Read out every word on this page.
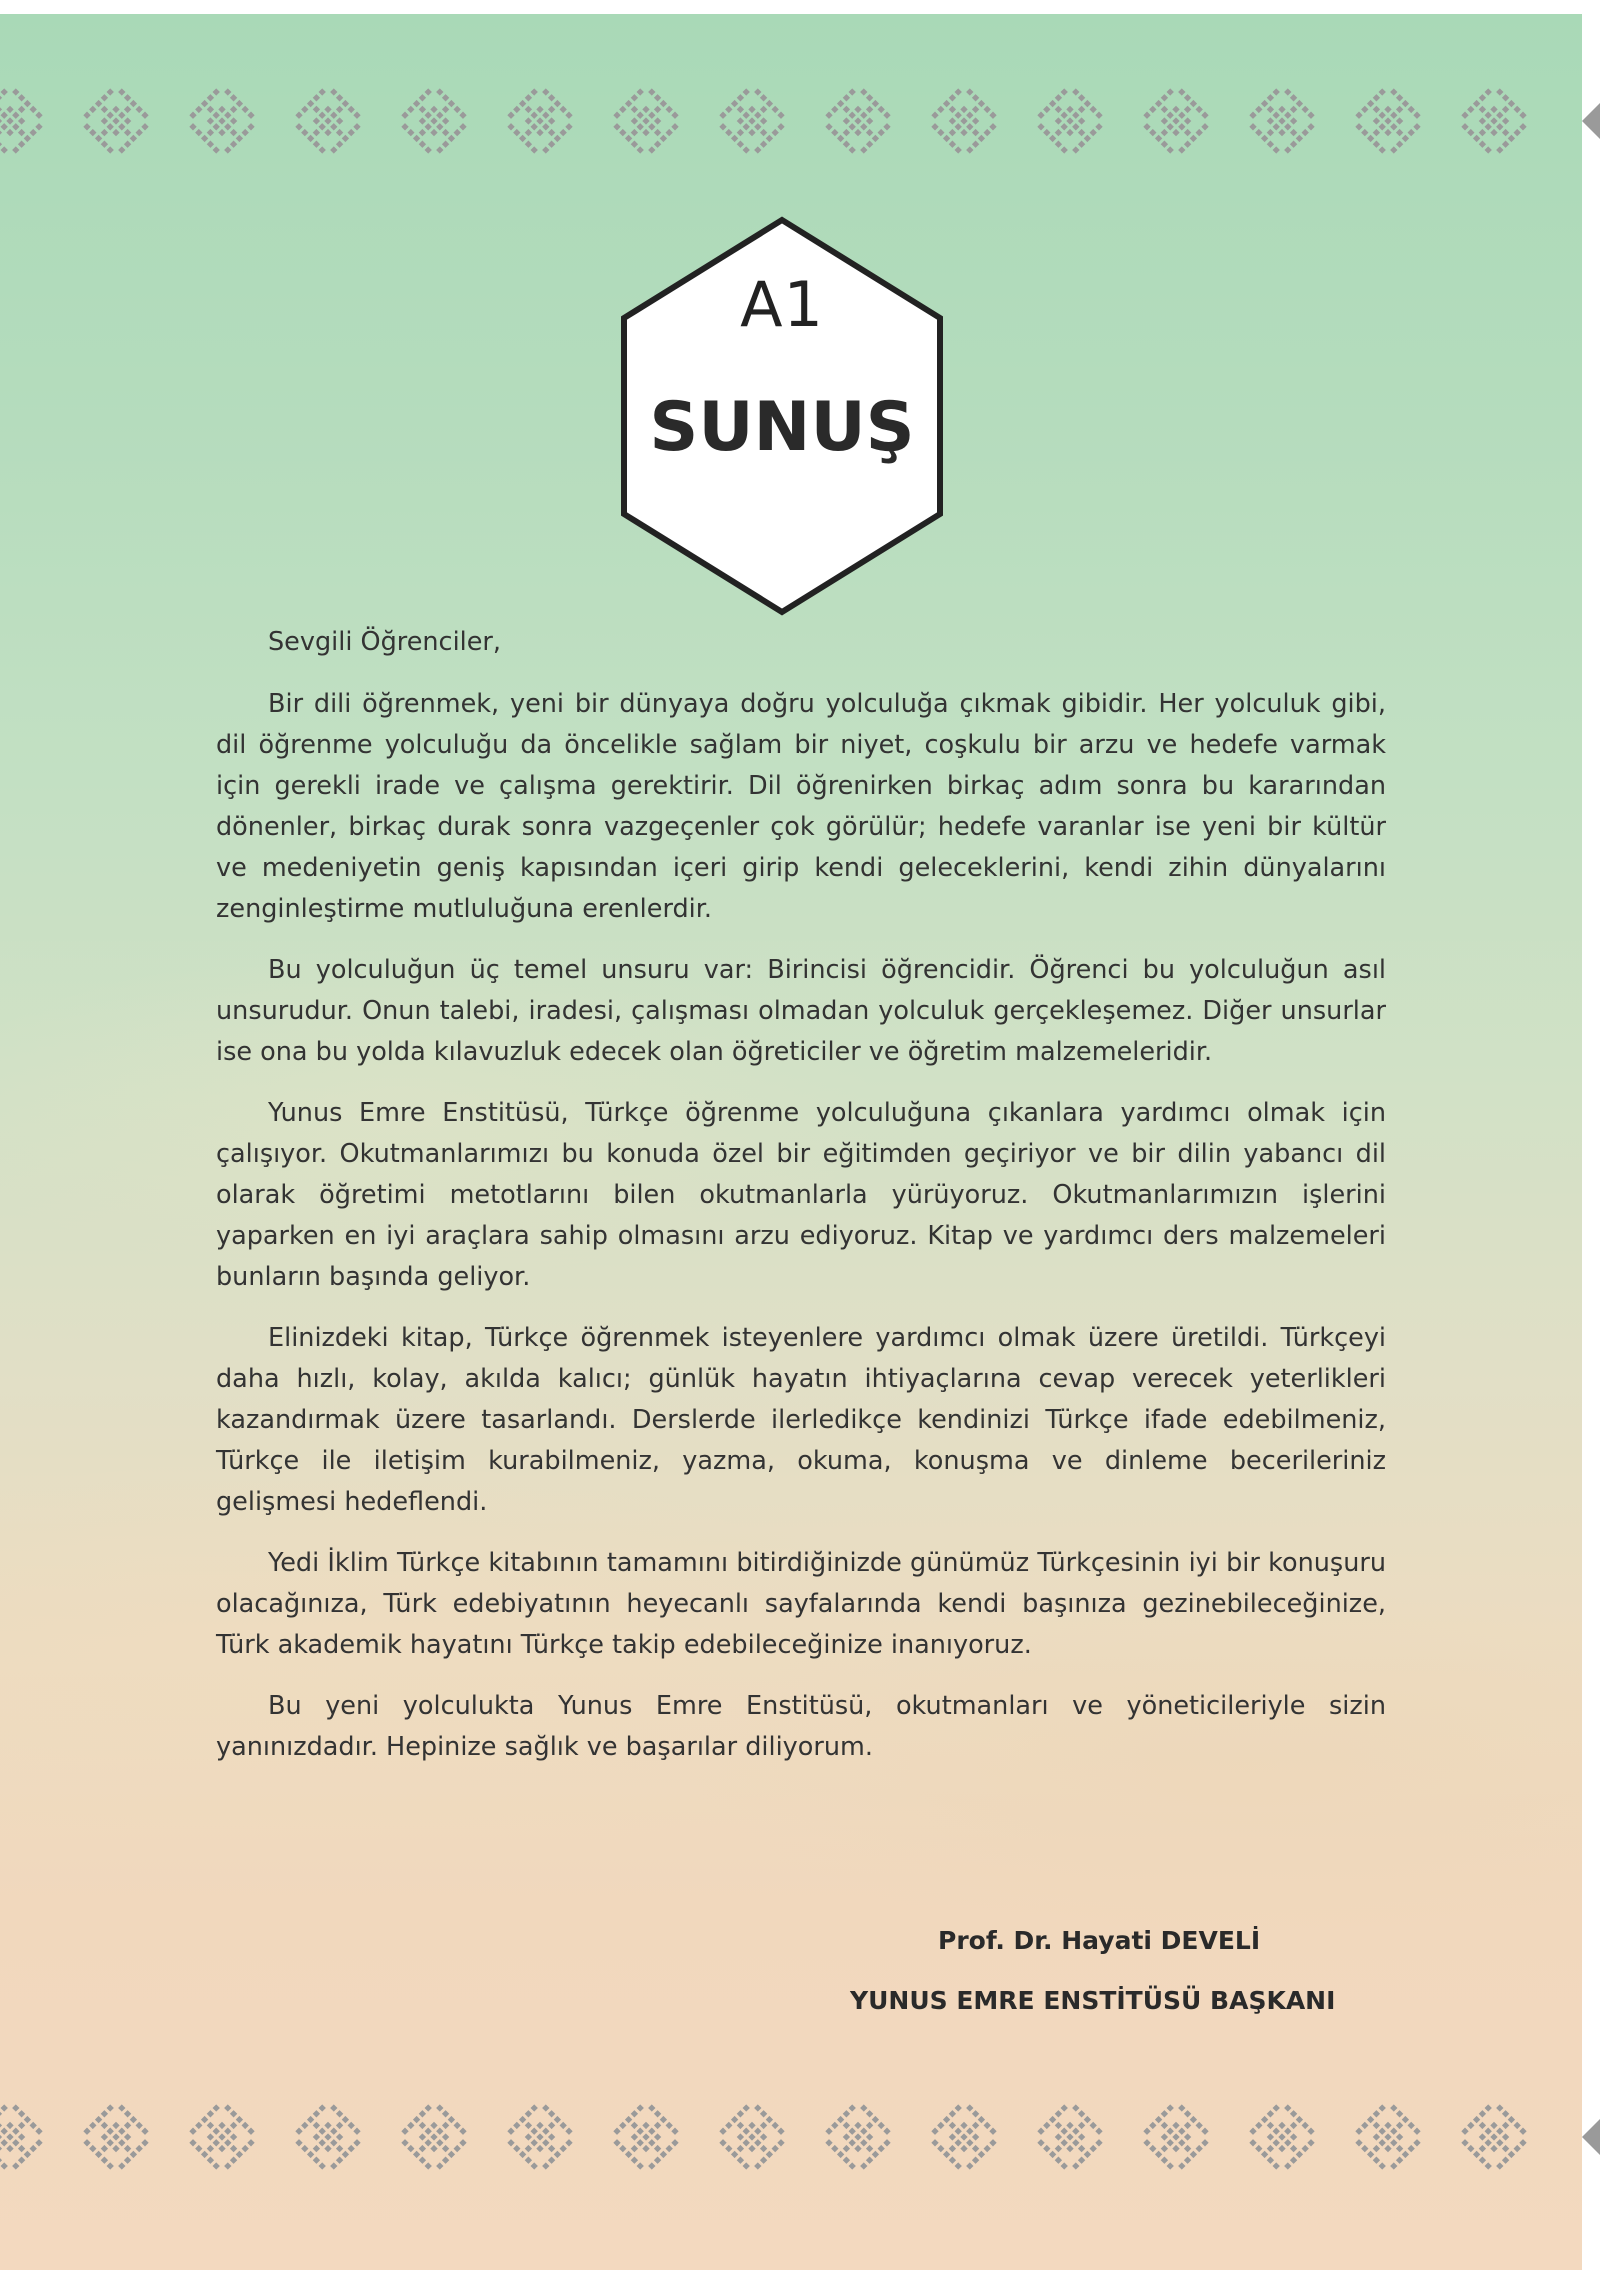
A1
SUNUŞ

Sevgili Öğrenciler,

Bir dili öğrenmek, yeni bir dünyaya doğru yolculuğa çıkmak gibidir. Her yolculuk gibi, dil öğrenme yolculuğu da öncelikle sağlam bir niyet, coşkulu bir arzu ve hedefe varmak için gerekli irade ve çalışma gerektirir. Dil öğrenirken birkaç adım sonra bu kararından dönenler, birkaç durak sonra vazgeçenler çok görülür; hedefe varanlar ise yeni bir kültür ve medeniyetin geniş kapısından içeri girip kendi geleceklerini, kendi zihin dünyalarını zenginleştirme mutluluğuna erenlerdir.

Bu yolculuğun üç temel unsuru var: Birincisi öğrencidir. Öğrenci bu yolculuğun asıl unsurudur. Onun talebi, iradesi, çalışması olmadan yolculuk gerçekleşemez. Diğer unsurlar ise ona bu yolda kılavuzluk edecek olan öğreticiler ve öğretim malzemeleridir.

Yunus Emre Enstitüsü, Türkçe öğrenme yolculuğuna çıkanlara yardımcı olmak için çalışıyor. Okutmanlarımızı bu konuda özel bir eğitimden geçiriyor ve bir dilin yabancı dil olarak öğretimi metotlarını bilen okutmanlarla yürüyoruz. Okutmanlarımızın işlerini yaparken en iyi araçlara sahip olmasını arzu ediyoruz. Kitap ve yardımcı ders malzemeleri bunların başında geliyor.

Elinizdeki kitap, Türkçe öğrenmek isteyenlere yardımcı olmak üzere üretildi. Türkçeyi daha hızlı, kolay, akılda kalıcı; günlük hayatın ihtiyaçlarına cevap verecek yeterlikleri kazandırmak üzere tasarlandı. Derslerde ilerledikçe kendinizi Türkçe ifade edebilmeniz, Türkçe ile iletişim kurabilmeniz, yazma, okuma, konuşma ve dinleme becerileriniz gelişmesi hedeflendi.

Yedi İklim Türkçe kitabının tamamını bitirdiğinizde günümüz Türkçesinin iyi bir konuşuru olacağınıza, Türk edebiyatının heyecanlı sayfalarında kendi başınıza gezinebileceğinize, Türk akademik hayatını Türkçe takip edebileceğinize inanıyoruz.

Bu yeni yolculukta Yunus Emre Enstitüsü, okutmanları ve yöneticileriyle sizin yanınızdadır. Hepinize sağlık ve başarılar diliyorum.

Prof. Dr. Hayati DEVELİ
YUNUS EMRE ENSTİTÜSÜ BAŞKANI
